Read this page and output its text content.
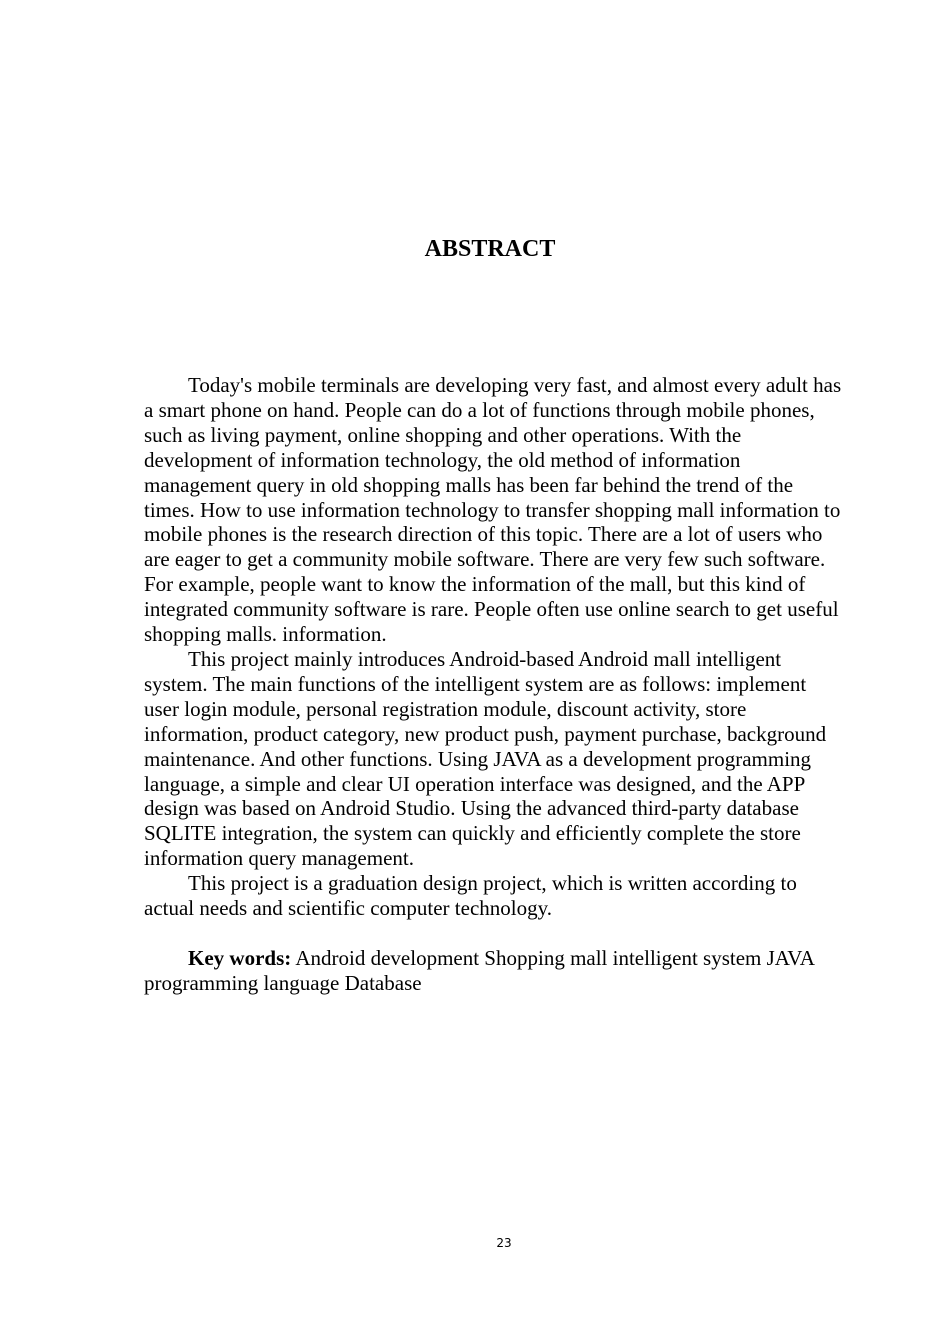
ABSTRACT

Today's mobile terminals are developing very fast, and almost every adult has a smart phone on hand. People can do a lot of functions through mobile phones, such as living payment, online shopping and other operations. With the development of information technology, the old method of information management query in old shopping malls has been far behind the trend of the times. How to use information technology to transfer shopping mall information to mobile phones is the research direction of this topic. There are a lot of users who are eager to get a community mobile software. There are very few such software. For example, people want to know the information of the mall, but this kind of integrated community software is rare. People often use online search to get useful shopping malls. information.

This project mainly introduces Android-based Android mall intelligent system. The main functions of the intelligent system are as follows: implement user login module, personal registration module, discount activity, store information, product category, new product push, payment purchase, background maintenance. And other functions. Using JAVA as a development programming language, a simple and clear UI operation interface was designed, and the APP design was based on Android Studio. Using the advanced third-party database SQLITE integration, the system can quickly and efficiently complete the store information query management.

This project is a graduation design project, which is written according to actual needs and scientific computer technology.

Key words: Android development Shopping mall intelligent system JAVA programming language Database

23
